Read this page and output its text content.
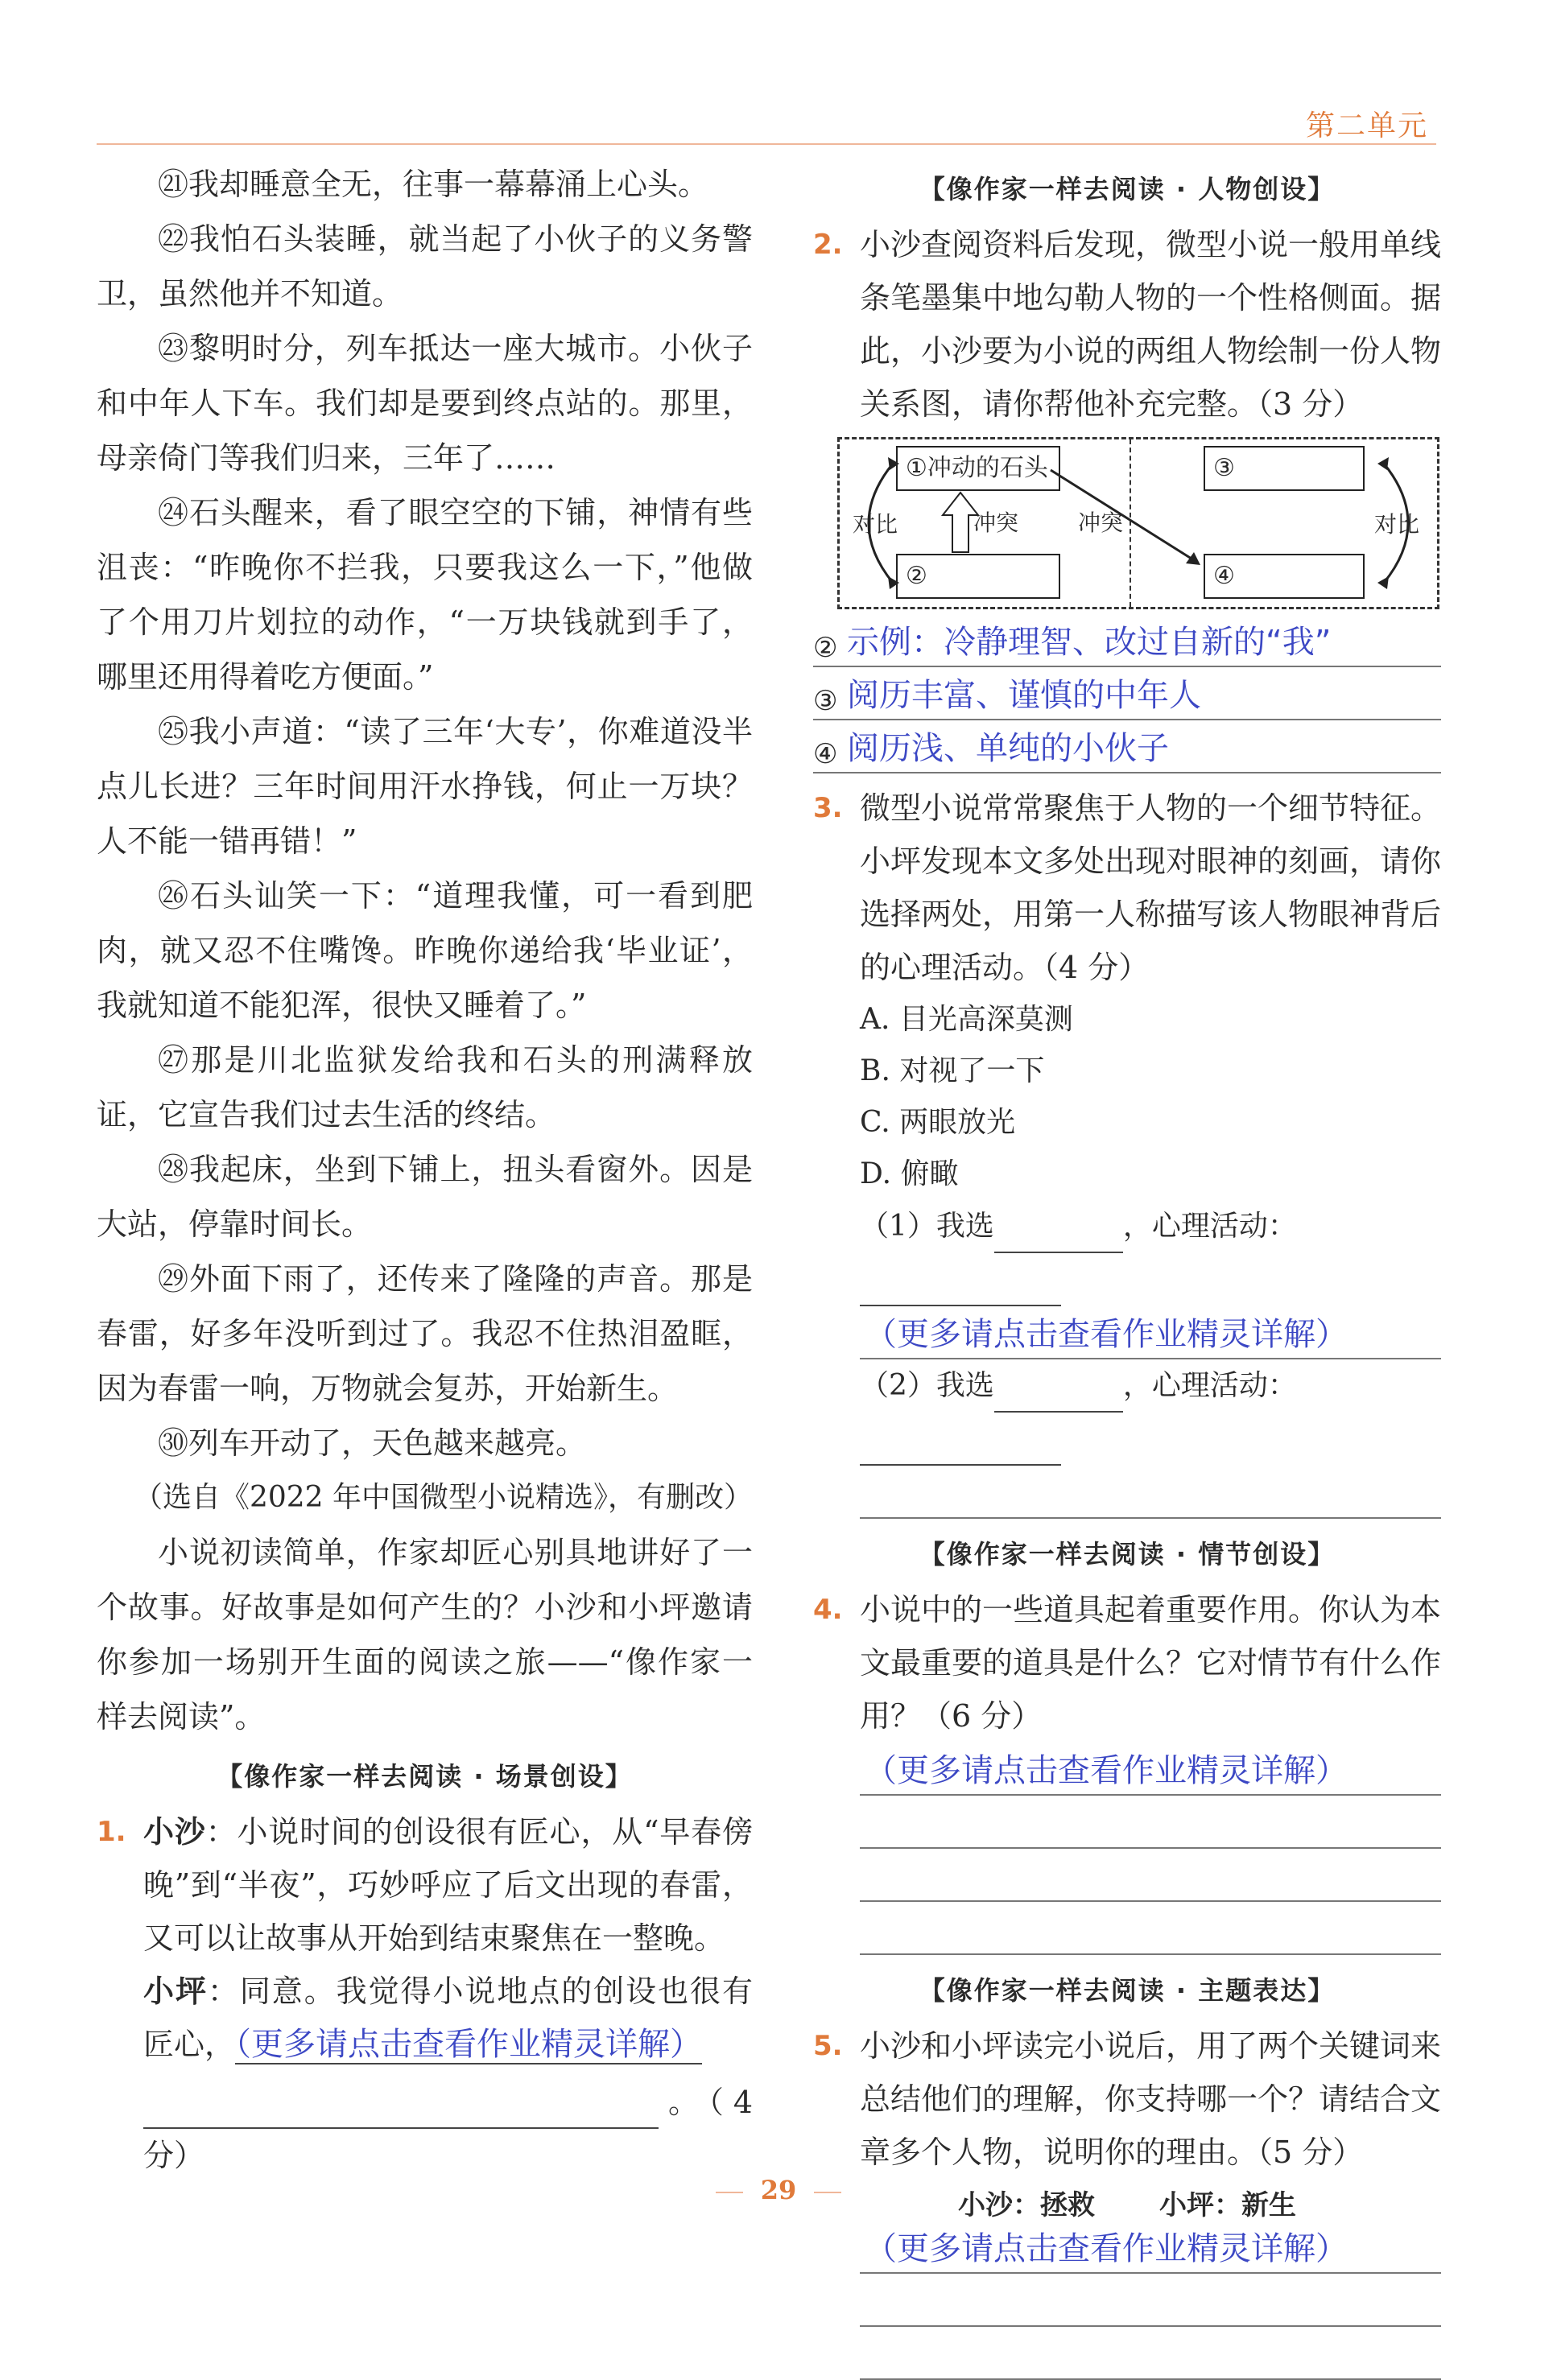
第二单元

㉑我却睡意全无，往事一幕幕涌上心头。

㉒我怕石头装睡，就当起了小伙子的义务警卫，虽然他并不知道。

㉓黎明时分，列车抵达一座大城市。小伙子和中年人下车。我们却是要到终点站的。那里，母亲倚门等我们归来，三年了……

㉔石头醒来，看了眼空空的下铺，神情有些沮丧：“昨晚你不拦我，只要我这么一下，”他做了个用刀片划拉的动作，“一万块钱就到手了，哪里还用得着吃方便面。”

㉕我小声道：“读了三年‘大专’，你难道没半点儿长进？三年时间用汗水挣钱，何止一万块？人不能一错再错！”

㉖石头讪笑一下：“道理我懂，可一看到肥肉，就又忍不住嘴馋。昨晚你递给我‘毕业证’，我就知道不能犯浑，很快又睡着了。”

㉗那是川北监狱发给我和石头的刑满释放证，它宣告我们过去生活的终结。

㉘我起床，坐到下铺上，扭头看窗外。因是大站，停靠时间长。

㉙外面下雨了，还传来了隆隆的声音。那是春雷，好多年没听到过了。我忍不住热泪盈眶，因为春雷一响，万物就会复苏，开始新生。

㉚列车开动了，天色越来越亮。

（选自《2022 年中国微型小说精选》，有删改）

小说初读简单，作家却匠心别具地讲好了一个故事。好故事是如何产生的？小沙和小坪邀请你参加一场别开生面的阅读之旅——“像作家一样去阅读”。

【像作家一样去阅读 · 场景创设】
1. 小沙：小说时间的创设很有匠心，从“早春傍晚”到“半夜”，巧妙呼应了后文出现的春雷，又可以让故事从开始到结束聚焦在一整晚。
小坪：同意。我觉得小说地点的创设也很有匠心，（更多请点击查看作业精灵详解）
。（4 分）
【像作家一样去阅读 · 人物创设】
2. 小沙查阅资料后发现，微型小说一般用单线条笔墨集中地勾勒人物的一个性格侧面。据此，小沙要为小说的两组人物绘制一份人物关系图，请你帮他补充完整。（3 分）
①冲动的石头
②
③
④
对比	冲突	冲突	对比
② 示例：冷静理智、改过自新的“我”
③ 阅历丰富、谨慎的中年人
④ 阅历浅、单纯的小伙子
3. 微型小说常常聚焦于人物的一个细节特征。小坪发现本文多处出现对眼神的刻画，请你选择两处，用第一人称描写该人物眼神背后的心理活动。（4 分）
A. 目光高深莫测B. 对视了一下
C. 两眼放光D. 俯瞰
（1）我选	，心理活动：
（更多请点击查看作业精灵详解）
（2）我选	，心理活动：
【像作家一样去阅读 · 情节创设】
4. 小说中的一些道具起着重要作用。你认为本文最重要的道具是什么？它对情节有什么作用？（6 分）
（更多请点击查看作业精灵详解）
【像作家一样去阅读 · 主题表达】
5. 小沙和小坪读完小说后，用了两个关键词来总结他们的理解，你支持哪一个？请结合文章多个人物，说明你的理由。（5 分）
小沙：拯救 小坪：新生
（更多请点击查看作业精灵详解）
29
